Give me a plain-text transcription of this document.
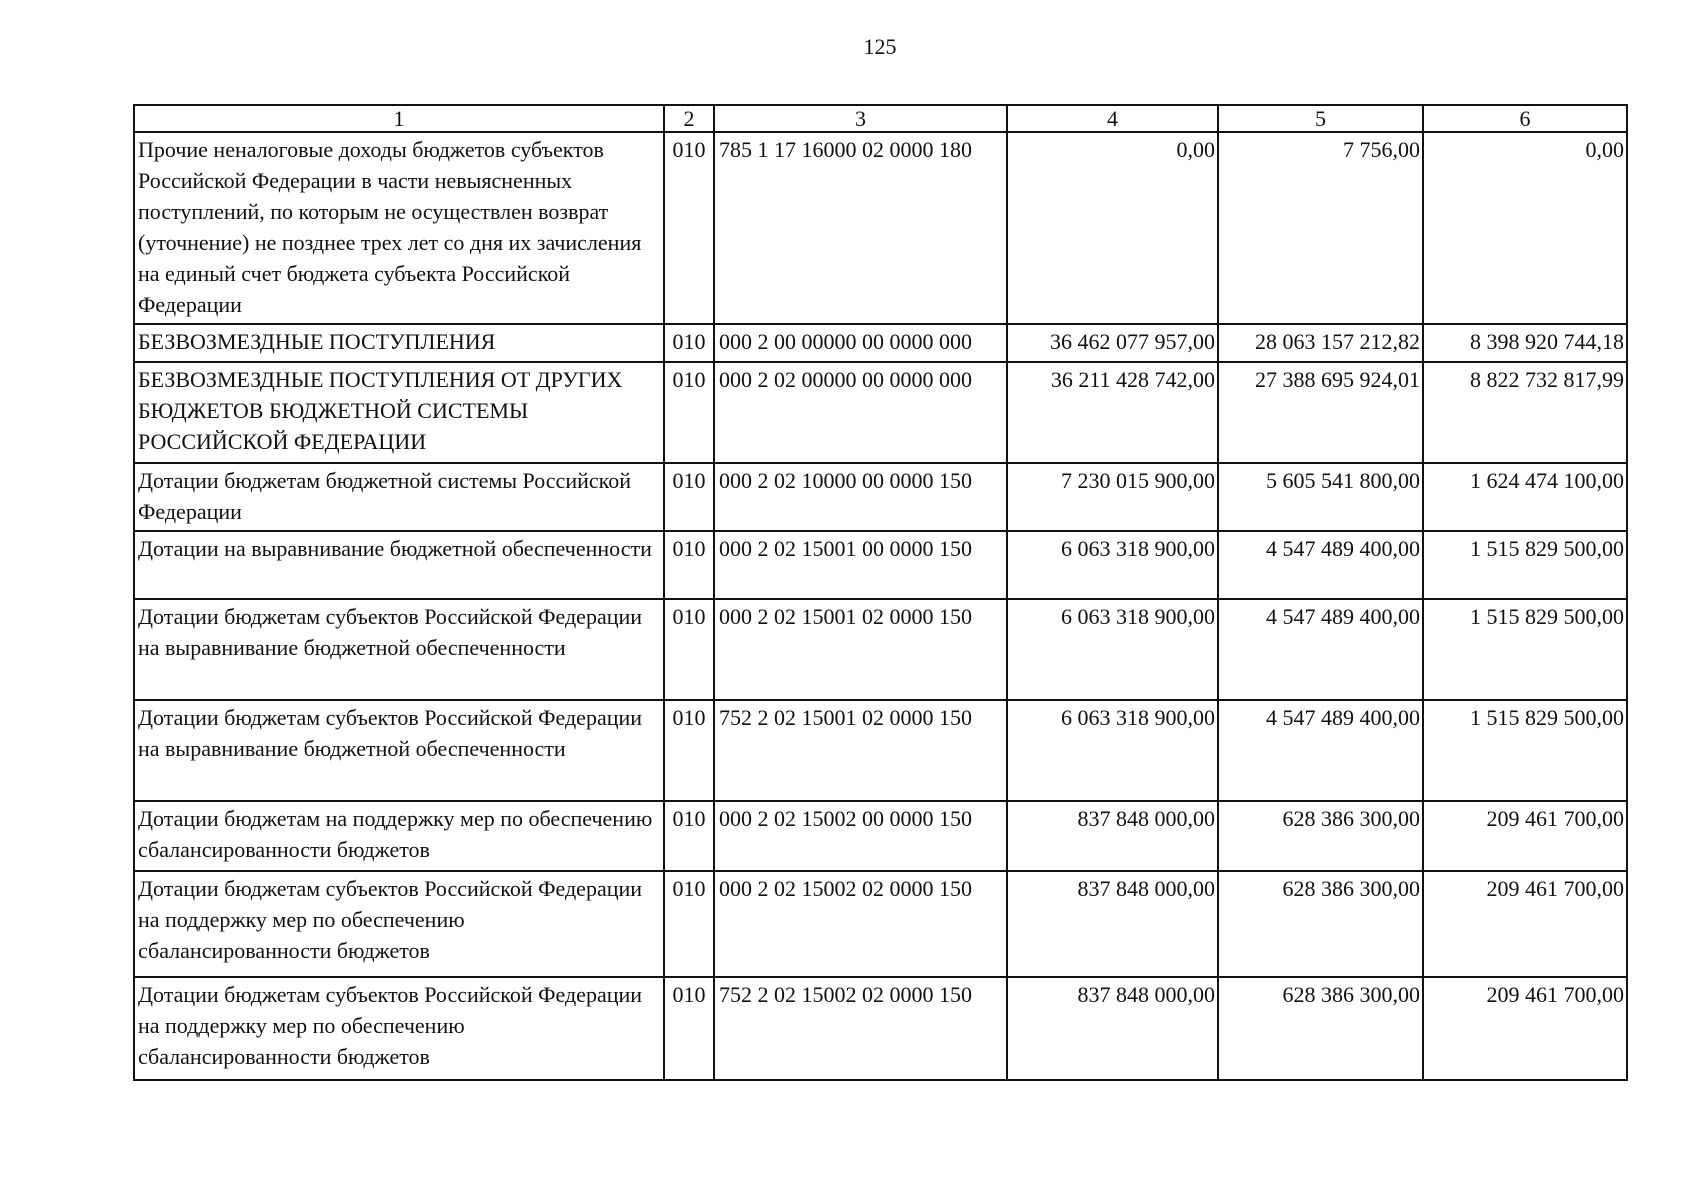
125
1	2	3	4	5	6
Прочие неналоговые доходы бюджетов субъектов Российской Федерации в части невыясненных поступлений, по которым не осуществлен возврат (уточнение) не позднее трех лет со дня их зачисления на единый счет бюджета субъекта Российской Федерации	010	785 1 17 16000 02 0000 180	0,00	7 756,00	0,00
БЕЗВОЗМЕЗДНЫЕ ПОСТУПЛЕНИЯ	010	000 2 00 00000 00 0000 000	36 462 077 957,00	28 063 157 212,82	8 398 920 744,18
БЕЗВОЗМЕЗДНЫЕ ПОСТУПЛЕНИЯ ОТ ДРУГИХ БЮДЖЕТОВ БЮДЖЕТНОЙ СИСТЕМЫ РОССИЙСКОЙ ФЕДЕРАЦИИ	010	000 2 02 00000 00 0000 000	36 211 428 742,00	27 388 695 924,01	8 822 732 817,99
Дотации бюджетам бюджетной системы Российской Федерации	010	000 2 02 10000 00 0000 150	7 230 015 900,00	5 605 541 800,00	1 624 474 100,00
Дотации на выравнивание бюджетной обеспеченности	010	000 2 02 15001 00 0000 150	6 063 318 900,00	4 547 489 400,00	1 515 829 500,00
Дотации бюджетам субъектов Российской Федерации на выравнивание бюджетной обеспеченности	010	000 2 02 15001 02 0000 150	6 063 318 900,00	4 547 489 400,00	1 515 829 500,00
Дотации бюджетам субъектов Российской Федерации на выравнивание бюджетной обеспеченности	010	752 2 02 15001 02 0000 150	6 063 318 900,00	4 547 489 400,00	1 515 829 500,00
Дотации бюджетам на поддержку мер по обеспечению сбалансированности бюджетов	010	000 2 02 15002 00 0000 150	837 848 000,00	628 386 300,00	209 461 700,00
Дотации бюджетам субъектов Российской Федерации на поддержку мер по обеспечению сбалансированности бюджетов	010	000 2 02 15002 02 0000 150	837 848 000,00	628 386 300,00	209 461 700,00
Дотации бюджетам субъектов Российской Федерации на поддержку мер по обеспечению сбалансированности бюджетов	010	752 2 02 15002 02 0000 150	837 848 000,00	628 386 300,00	209 461 700,00
